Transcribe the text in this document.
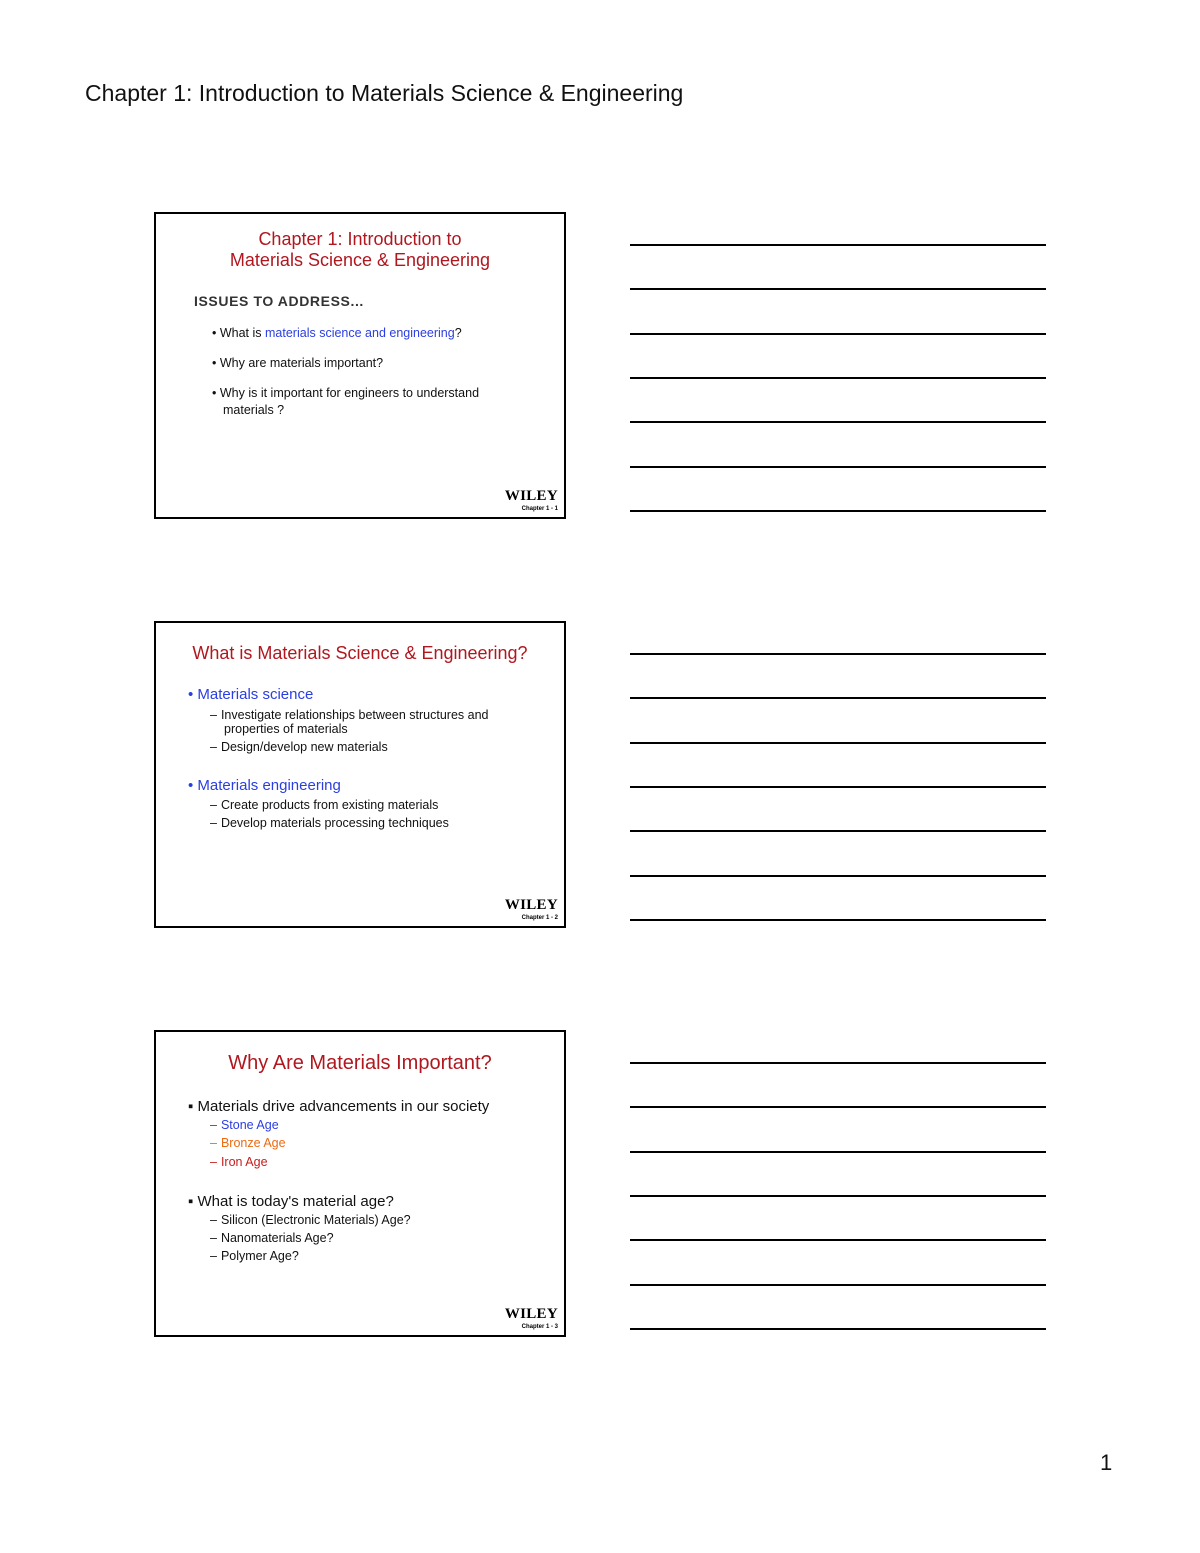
Chapter 1: Introduction to Materials Science & Engineering
Chapter 1: Introduction to
Materials Science & Engineering
ISSUES TO ADDRESS...
• What is materials science and engineering?
• Why are materials important?
• Why is it important for engineers to understand
materials ?
WILEY
Chapter 1 - 1
What is Materials Science & Engineering?
• Materials science
– Investigate relationships between structures and
properties of materials
– Design/develop new materials
• Materials engineering
– Create products from existing materials
– Develop materials processing techniques
WILEY
Chapter 1 - 2
Why Are Materials Important?
▪ Materials drive advancements in our society
– Stone Age
– Bronze Age
– Iron Age
▪ What is today's material age?
– Silicon (Electronic Materials) Age?
– Nanomaterials Age?
– Polymer Age?
WILEY
Chapter 1 - 3
1
